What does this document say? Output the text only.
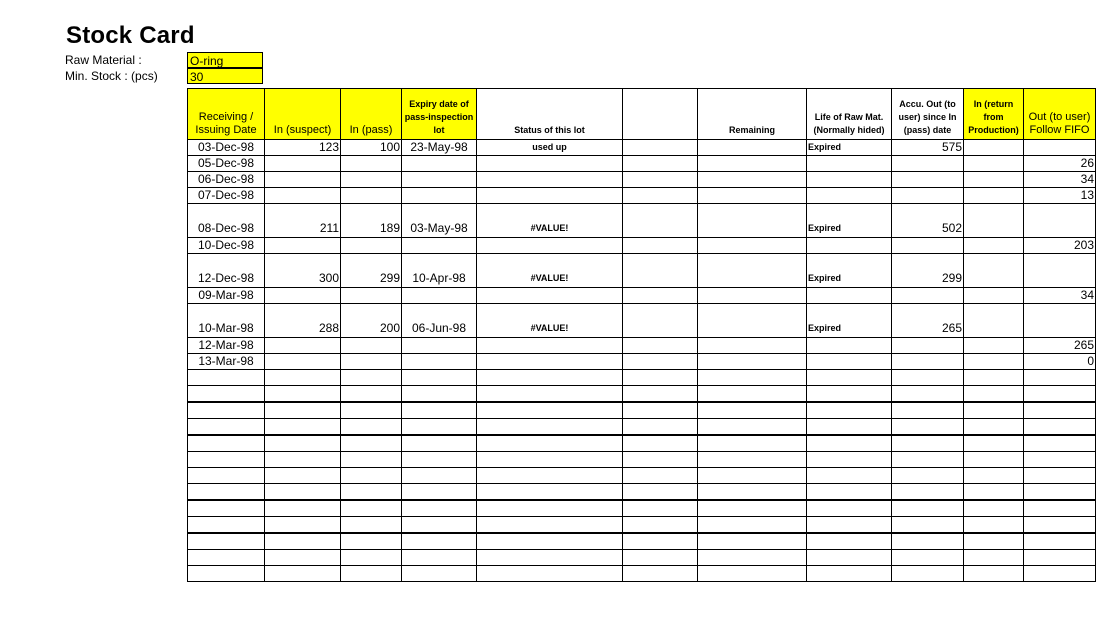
Stock Card
Raw Material :	O-ring
Min. Stock : (pcs)	30
Receiving / Issuing Date	In (suspect)	In (pass)	Expiry date of pass-inspection lot	Status of this lot		Remaining	Life of Raw Mat. (Normally hided)	Accu. Out (to user) since In (pass) date	In (return from Production)	Out (to user) Follow FIFO
03-Dec-98	123	100	23-May-98	used up			Expired	575		
05-Dec-98										26
06-Dec-98										34
07-Dec-98										13
08-Dec-98	211	189	03-May-98	#VALUE!			Expired	502		
10-Dec-98										203
12-Dec-98	300	299	10-Apr-98	#VALUE!			Expired	299		
09-Mar-98										34
10-Mar-98	288	200	06-Jun-98	#VALUE!			Expired	265		
12-Mar-98										265
13-Mar-98										0
